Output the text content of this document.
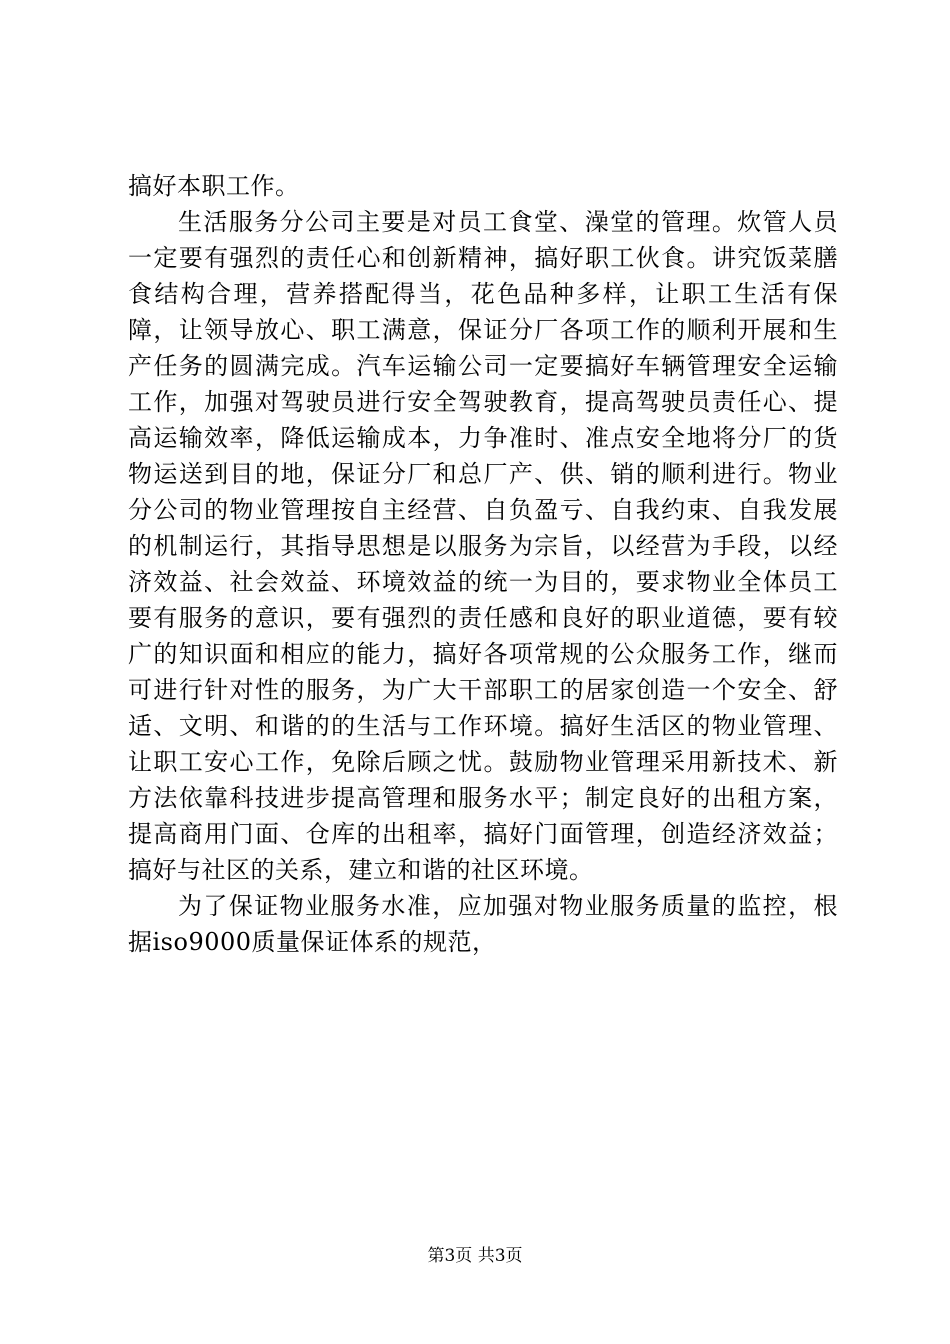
搞好本职工作。

生活服务分公司主要是对员工食堂、澡堂的管理。炊管人员一定要有强烈的责任心和创新精神，搞好职工伙食。讲究饭菜膳食结构合理，营养搭配得当，花色品种多样，让职工生活有保障，让领导放心、职工满意，保证分厂各项工作的顺利开展和生产任务的圆满完成。汽车运输公司一定要搞好车辆管理安全运输工作，加强对驾驶员进行安全驾驶教育，提高驾驶员责任心、提高运输效率，降低运输成本，力争准时、准点安全地将分厂的货物运送到目的地，保证分厂和总厂产、供、销的顺利进行。物业分公司的物业管理按自主经营、自负盈亏、自我约束、自我发展的机制运行，其指导思想是以服务为宗旨，以经营为手段，以经济效益、社会效益、环境效益的统一为目的，要求物业全体员工要有服务的意识，要有强烈的责任感和良好的职业道德，要有较广的知识面和相应的能力，搞好各项常规的公众服务工作，继而可进行针对性的服务，为广大干部职工的居家创造一个安全、舒适、文明、和谐的的生活与工作环境。搞好生活区的物业管理、让职工安心工作，免除后顾之忧。鼓励物业管理采用新技术、新方法依靠科技进步提高管理和服务水平；制定良好的出租方案，提高商用门面、仓库的出租率，搞好门面管理，创造经济效益；搞好与社区的关系，建立和谐的社区环境。

为了保证物业服务水准，应加强对物业服务质量的监控，根据iso9000质量保证体系的规范，

第3页 共3页
